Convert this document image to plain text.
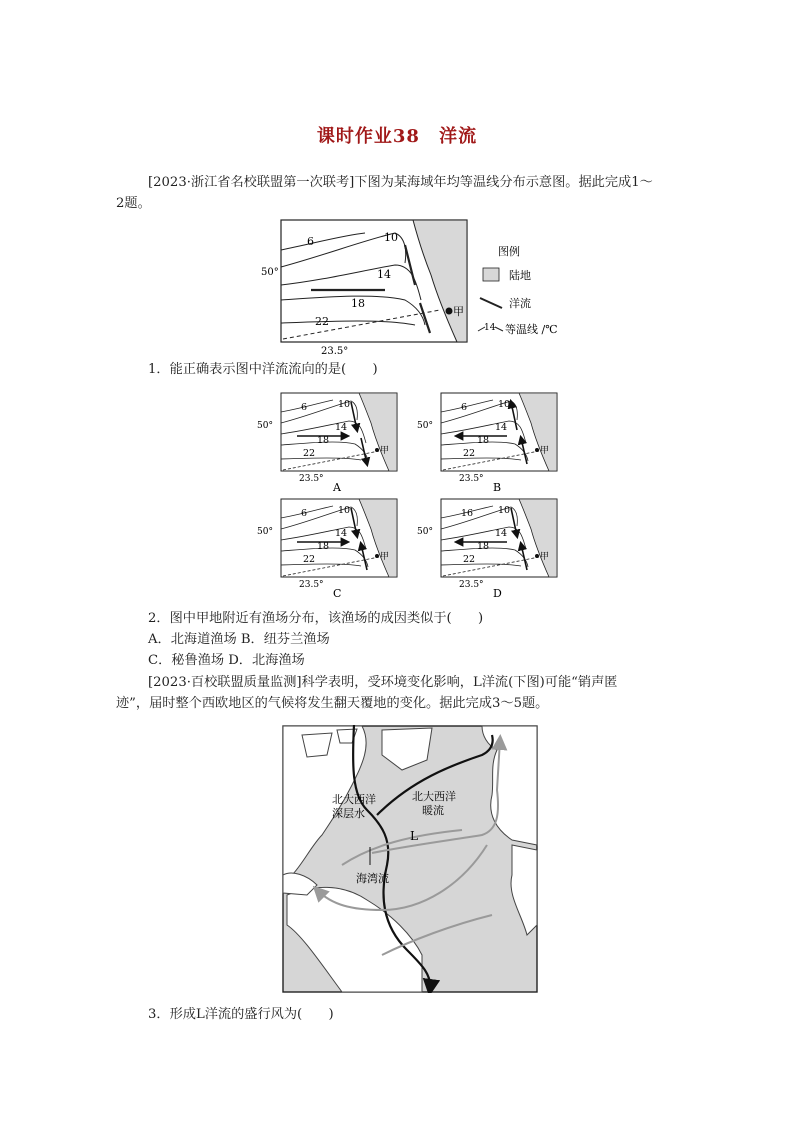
课时作业38 洋流
[2023·浙江省名校联盟第一次联考]下图为某海域年均等温线分布示意图。据此完成1～
2题。
甲
6	10
14
18
22
50°
23.5°
图例
陆地
洋流
14 等温线 /℃
1．能正确表示图中洋流流向的是(　　)
甲
6	10
14
18
22
50°
23.5°
A
甲
6	10
14
18
22
50°
23.5°
B
甲
6	10
14
18
22
50°
23.5°
C
甲
16	10
14
18
22
50°
23.5°
D
2．图中甲地附近有渔场分布，该渔场的成因类似于(　　)
A．北海道渔场 B．纽芬兰渔场
C．秘鲁渔场 D．北海渔场
[2023·百校联盟质量监测]科学表明，受环境变化影响，L洋流(下图)可能“销声匿
迹”，届时整个西欧地区的气候将发生翻天覆地的变化。据此完成3～5题。
北大西洋
深层水
北大西洋
暖流
L
海湾流
3．形成L洋流的盛行风为(　　)
